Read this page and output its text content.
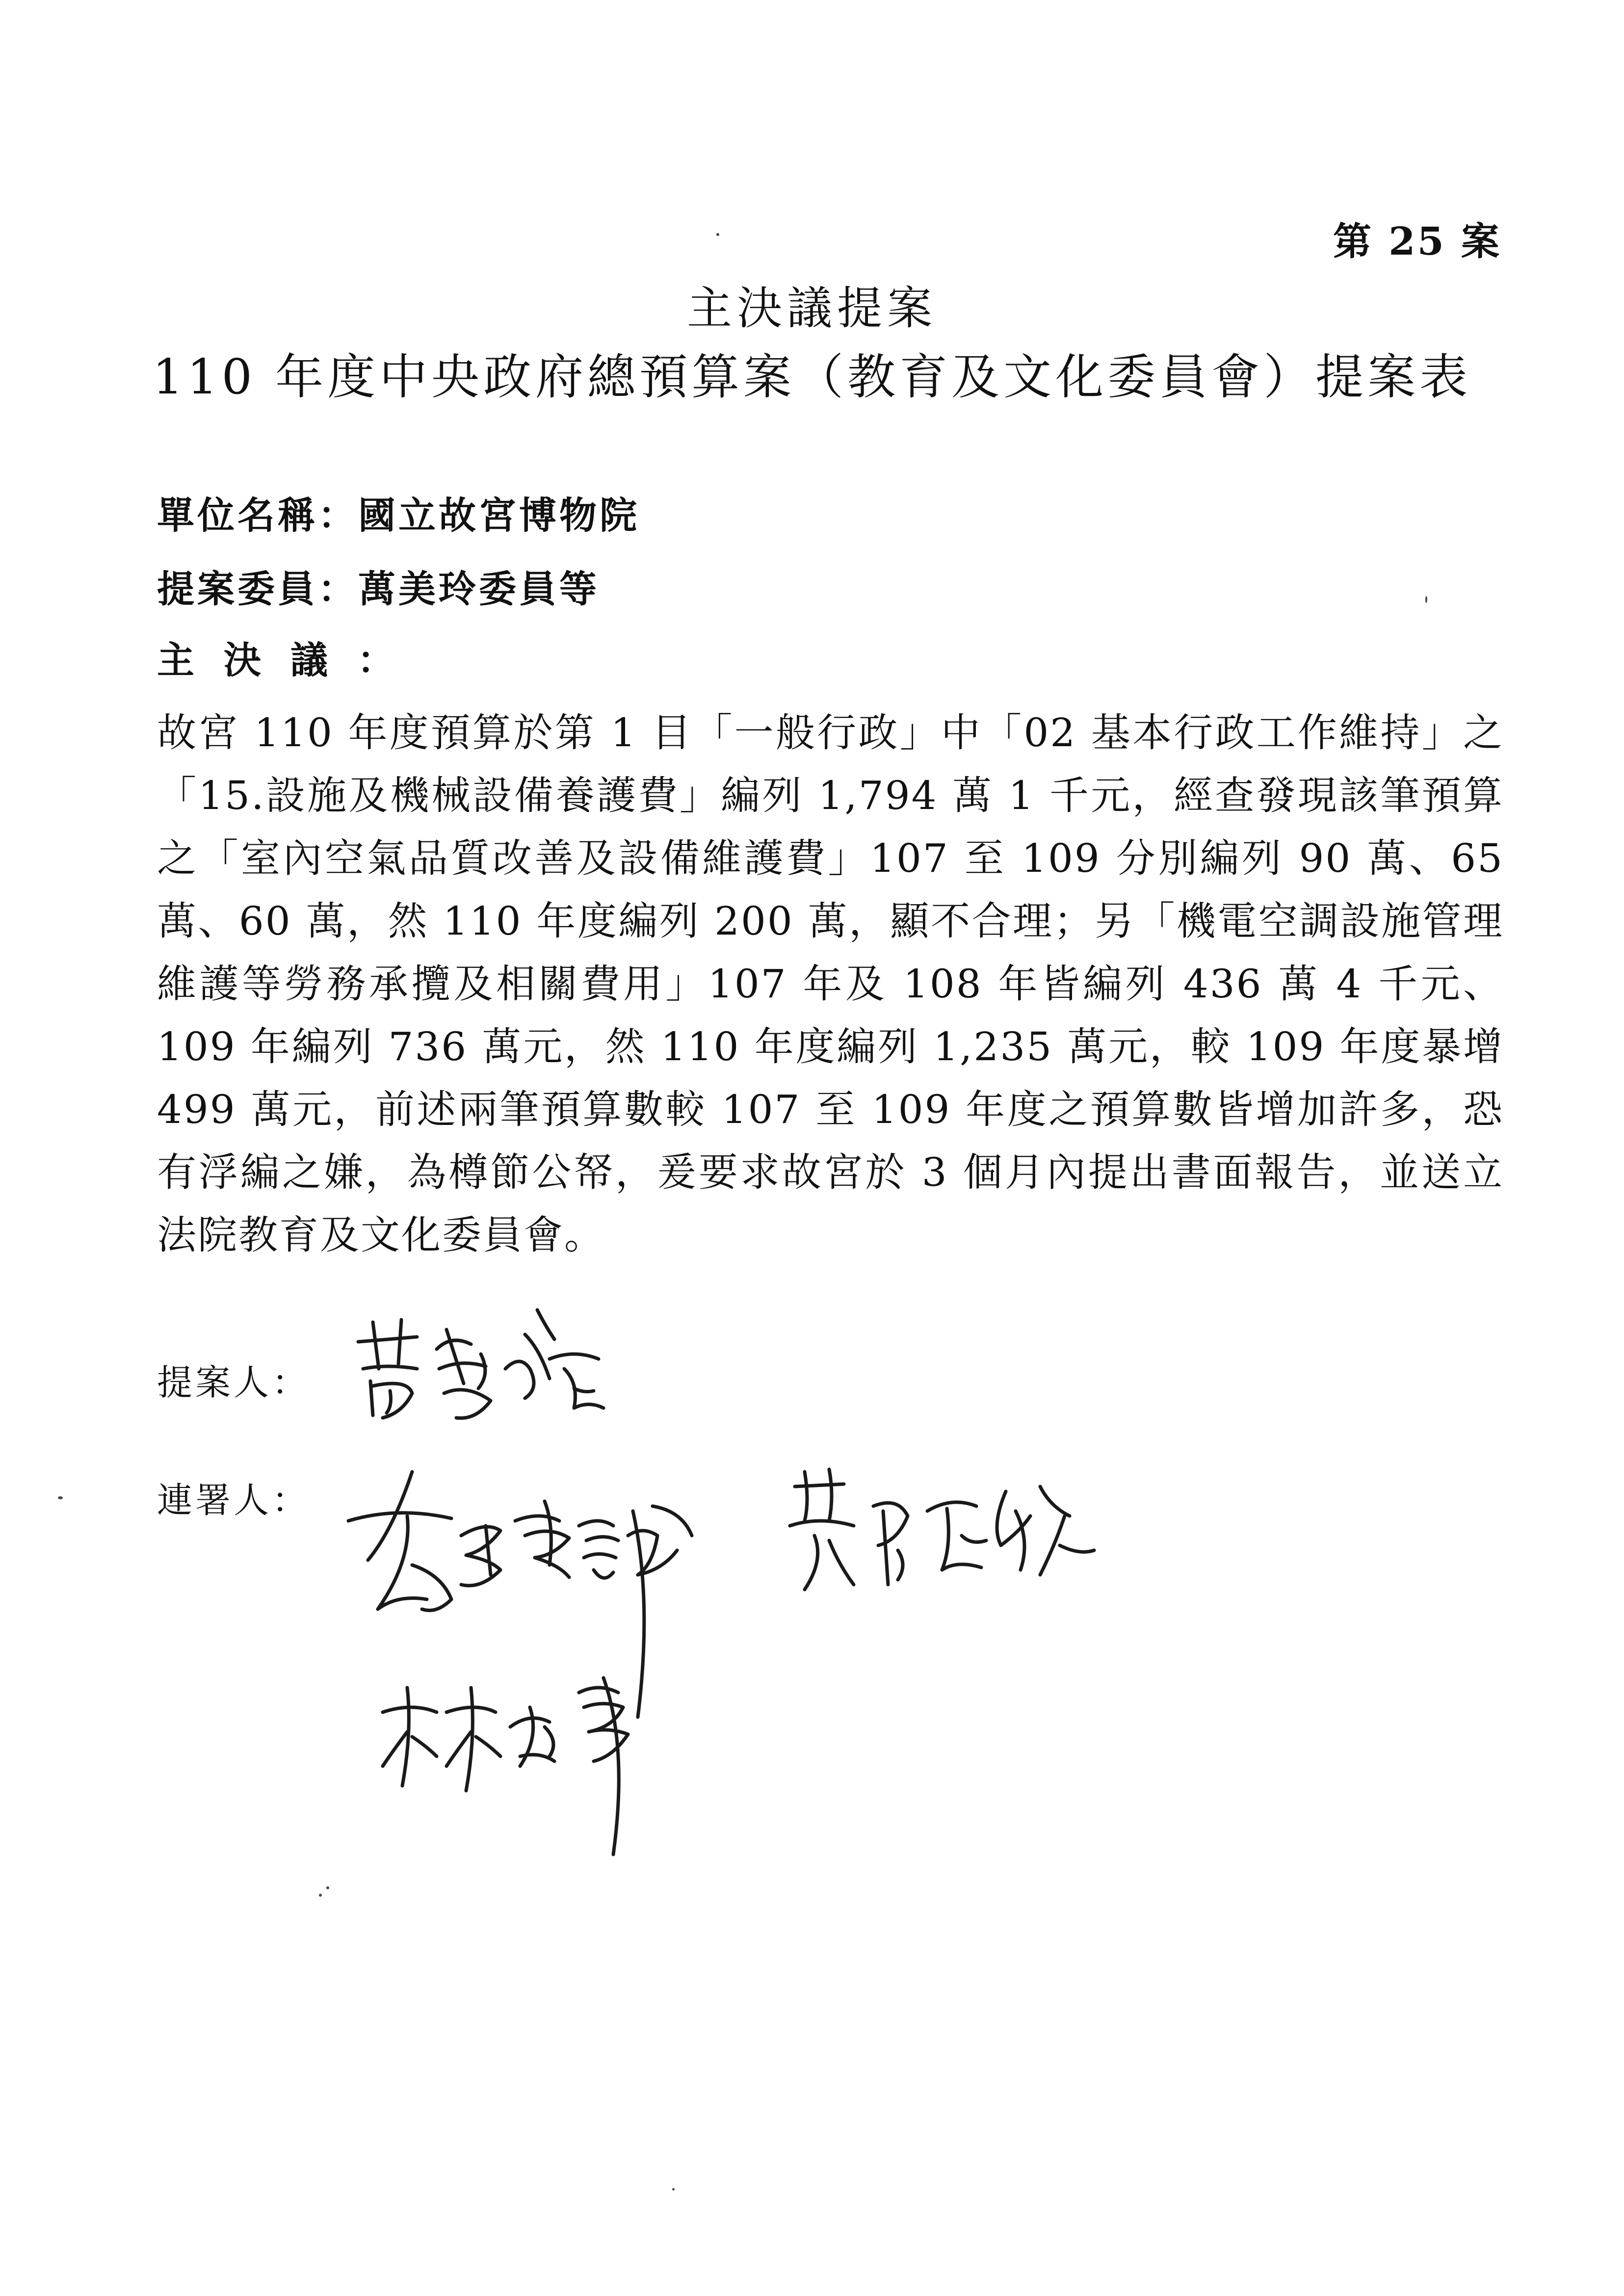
第 25 案
主決議提案
110 年度中央政府總預算案（教育及文化委員會）提案表
單位名稱：國立故宮博物院
提案委員：萬美玲委員等
主決議：
故宮 110 年度預算於第 1 目「一般行政」中「02 基本行政工作維持」之「15.設施及機械設備養護費」編列 1,794 萬 1 千元，經查發現該筆預算之「室內空氣品質改善及設備維護費」107 至 109 分別編列 90 萬、65 萬、60 萬，然 110 年度編列 200 萬，顯不合理；另「機電空調設施管理維護等勞務承攬及相關費用」107 年及 108 年皆編列 436 萬 4 千元、109 年編列 736 萬元，然 110 年度編列 1,235 萬元，較 109 年度暴增 499 萬元，前述兩筆預算數較 107 至 109 年度之預算數皆增加許多，恐有浮編之嫌，為樽節公帑，爰要求故宮於 3 個月內提出書面報告，並送立法院教育及文化委員會。
提案人：
連署人：
